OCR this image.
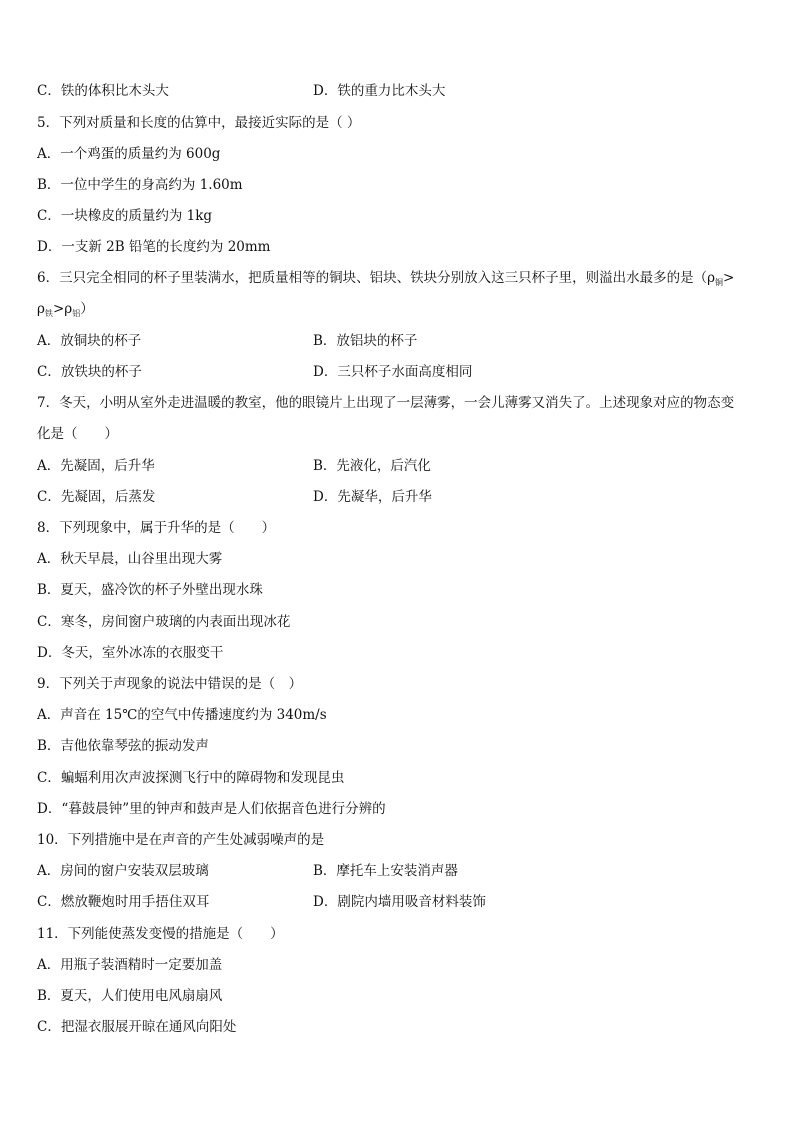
C．铁的体积比木头大	D．铁的重力比木头大
5．下列对质量和长度的估算中，最接近实际的是（ ）
A．一个鸡蛋的质量约为 600g
B．一位中学生的身高约为 1.60m
C．一块橡皮的质量约为 1kg
D．一支新 2B 铅笔的长度约为 20mm
6．三只完全相同的杯子里装满水，把质量相等的铜块、铝块、铁块分别放入这三只杯子里，则溢出水最多的是（$\rho_铜>$
$\rho_铁>\rho_铝$）
A．放铜块的杯子	B．放铝块的杯子
C．放铁块的杯子	D．三只杯子水面高度相同
7．冬天，小明从室外走进温暖的教室，他的眼镜片上出现了一层薄雾，一会儿薄雾又消失了。上述现象对应的物态变
化是（　　）
A．先凝固，后升华	B．先液化，后汽化
C．先凝固，后蒸发	D．先凝华，后升华
8．下列现象中，属于升华的是（　　）
A．秋天早晨，山谷里出现大雾
B．夏天，盛冷饮的杯子外壁出现水珠
C．寒冬，房间窗户玻璃的内表面出现冰花
D．冬天，室外冰冻的衣服变干
9．下列关于声现象的说法中错误的是（　）
A．声音在 15℃的空气中传播速度约为 340m/s
B．吉他依靠琴弦的振动发声
C．蝙蝠利用次声波探测飞行中的障碍物和发现昆虫
D．“暮鼓晨钟”里的钟声和鼓声是人们依据音色进行分辨的
10．下列措施中是在声音的产生处减弱噪声的是
A．房间的窗户安装双层玻璃	B．摩托车上安装消声器
C．燃放鞭炮时用手捂住双耳	D．剧院内墙用吸音材料装饰
11．下列能使蒸发变慢的措施是（　　）
A．用瓶子装酒精时一定要加盖
B．夏天，人们使用电风扇扇风
C．把湿衣服展开晾在通风向阳处
